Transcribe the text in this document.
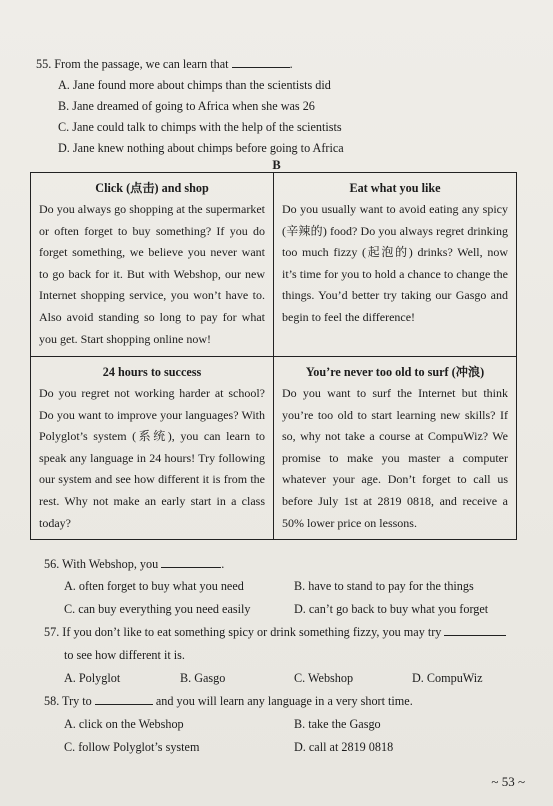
55. From the passage, we can learn that	.
A. Jane found more about chimps than the scientists did
B. Jane dreamed of going to Africa when she was 26
C. Jane could talk to chimps with the help of the scientists
D. Jane knew nothing about chimps before going to Africa
B
Click (点击) and shop
Do you always go shopping at the supermarket or often forget to buy something? If you do forget something, we believe you never want to go back for it. But with Webshop, our new Internet shopping service, you won’t have to. Also avoid standing so long to pay for what you get. Start shopping online now!
Eat what you like
Do you usually want to avoid eating any spicy (辛辣的) food? Do you always regret drinking too much fizzy (起泡的) drinks? Well, now it’s time for you to hold a chance to change the things. You’d better try taking our Gasgo and begin to feel the difference!
24 hours to success
Do you regret not working harder at school? Do you want to improve your languages? With Polyglot’s system (系统), you can learn to speak any language in 24 hours! Try following our system and see how different it is from the rest. Why not make an early start in a class today?
You’re never too old to surf (冲浪)
Do you want to surf the Internet but think you’re too old to start learning new skills? If so, why not take a course at CompuWiz? We promise to make you master a computer whatever your age. Don’t forget to call us before July 1st at 2819 0818, and receive a 50% lower price on lessons.
56. With Webshop, you	.
A. often forget to buy what you need	B. have to stand to pay for the things
C. can buy everything you need easily	D. can’t go back to buy what you forget
57. If you don’t like to eat something spicy or drink something fizzy, you may try
to see how different it is.
A. Polyglot	B. Gasgo	C. Webshop	D. CompuWiz
58. Try to	and you will learn any language in a very short time.
A. click on the Webshop	B. take the Gasgo
C. follow Polyglot’s system	D. call at 2819 0818
~ 53 ~
